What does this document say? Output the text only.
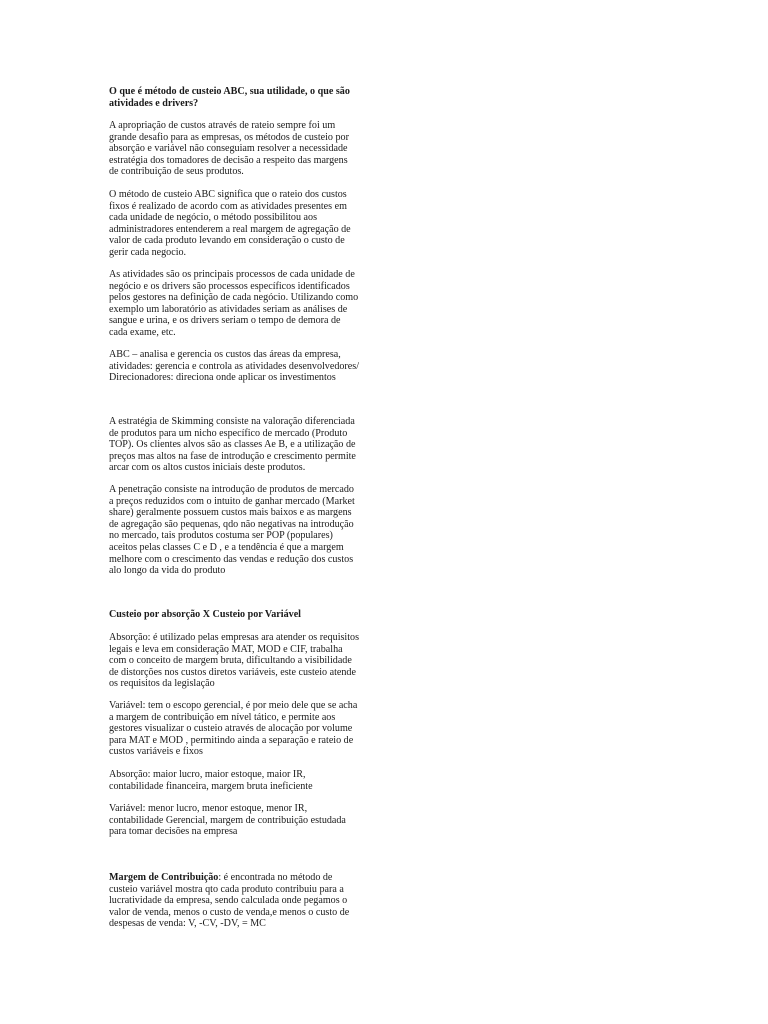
O que é método de custeio ABC, sua utilidade, o que são
atividades e drivers?

A apropriação de custos através de rateio sempre foi um
grande desafio para as empresas, os métodos de custeio por
absorção e variável não conseguiam resolver a necessidade
estratégia dos tomadores de decisão a respeito das margens
de contribuição de seus produtos.

O método de custeio ABC significa que o rateio dos custos
fixos é realizado de acordo com as atividades presentes em
cada unidade de negócio, o método possibilitou aos
administradores entenderem a real margem de agregação de
valor de cada produto levando em consideração o custo de
gerir cada negocio.

As atividades são os principais processos de cada unidade de
negócio e os drivers são processos específicos identificados
pelos gestores na definição de cada negócio. Utilizando como
exemplo um laboratório as atividades seriam as análises de
sangue e urina, e os drivers seriam o tempo de demora de
cada exame, etc.

ABC – analisa e gerencia os custos das áreas da empresa,
atividades: gerencia e controla as atividades desenvolvedores/
Direcionadores: direciona onde aplicar os investimentos

A estratégia de Skimming consiste na valoração diferenciada
de produtos para um nicho específico de mercado (Produto
TOP). Os clientes alvos são as classes Ae B, e a utilização de
preços mas altos na fase de introdução e crescimento permite
arcar com os altos custos iniciais deste produtos.

A penetração consiste na introdução de produtos de mercado
a preços reduzidos com o intuito de ganhar mercado (Market
share) geralmente possuem custos mais baixos e as margens
de agregação são pequenas, qdo não negativas na introdução
no mercado, tais produtos costuma ser POP (populares)
aceitos pelas classes C e D , e a tendência é que a margem
melhore com o crescimento das vendas e redução dos custos
alo longo da vida do produto

Custeio por absorção X Custeio por Variável

Absorção: é utilizado pelas empresas ara atender os requisitos
legais e leva em consideração MAT, MOD e CIF, trabalha
com o conceito de margem bruta, dificultando a visibilidade
de distorções nos custos diretos variáveis, este custeio atende
os requisitos da legislação

Variável: tem o escopo gerencial, é por meio dele que se acha
a margem de contribuição em nível tático, e permite aos
gestores visualizar o custeio através de alocação por volume
para MAT e MOD , permitindo ainda a separação e rateio de
custos variáveis e fixos

Absorção: maior lucro, maior estoque, maior IR,
contabilidade financeira, margem bruta ineficiente

Variável: menor lucro, menor estoque, menor IR,
contabilidade Gerencial, margem de contribuição estudada
para tomar decisões na empresa

Margem de Contribuição: é encontrada no método de
custeio variável mostra qto cada produto contribuiu para a
lucratividade da empresa, sendo calculada onde pegamos o
valor de venda, menos o custo de venda,e menos o custo de
despesas de venda: V, -CV, -DV, = MC
